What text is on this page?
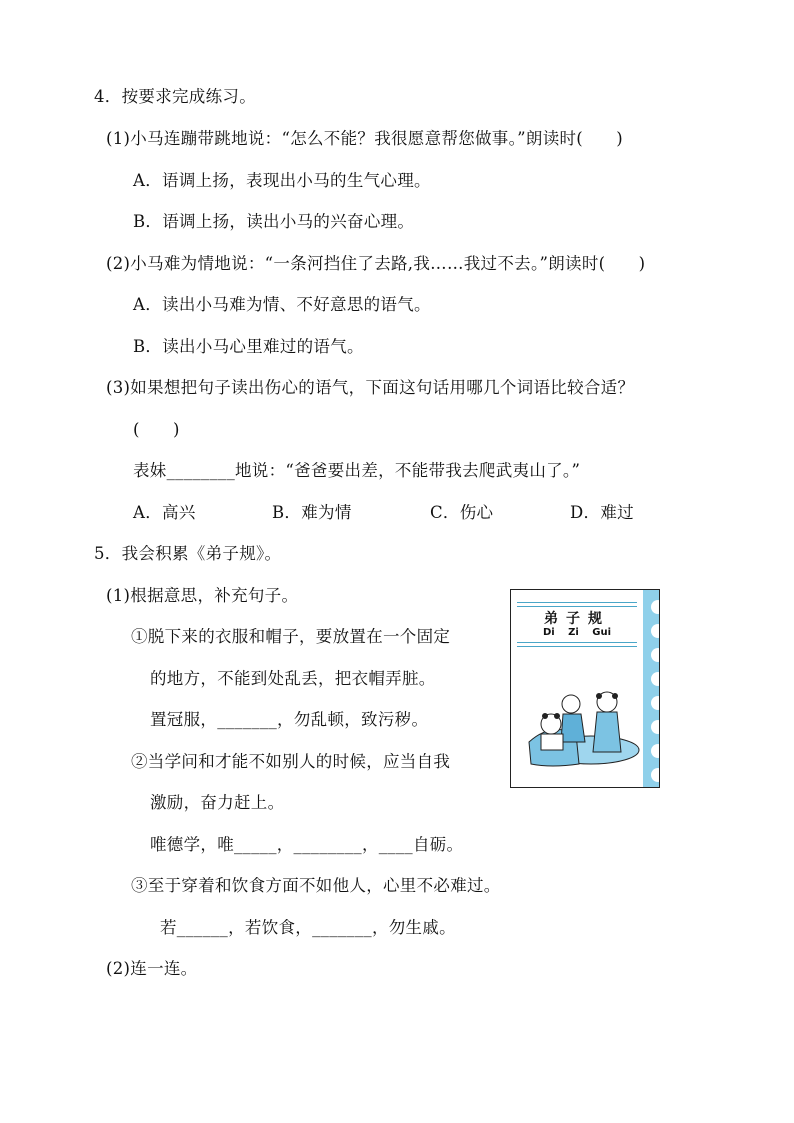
4．按要求完成练习。
(1)小马连蹦带跳地说：“怎么不能？我很愿意帮您做事。”朗读时(      )
A．语调上扬，表现出小马的生气心理。
B．语调上扬，读出小马的兴奋心理。
(2)小马难为情地说：“一条河挡住了去路,我……我过不去。”朗读时(      )
A．读出小马难为情、不好意思的语气。
B．读出小马心里难过的语气。
(3)如果想把句子读出伤心的语气，下面这句话用哪几个词语比较合适？
(      )
表妹________地说：“爸爸要出差，不能带我去爬武夷山了。”
A．高兴	B．难为情	C．伤心	D．难过
5．我会积累《弟子规》。
(1)根据意思，补充句子。
①脱下来的衣服和帽子，要放置在一个固定
的地方，不能到处乱丢，把衣帽弄脏。
置冠服，_______，勿乱顿，致污秽。
②当学问和才能不如别人的时候，应当自我
激励，奋力赶上。
唯德学，唯_____，________，____自砺。
③至于穿着和饮食方面不如他人，心里不必难过。
若______，若饮食，_______，勿生戚。
(2)连一连。
弟子规
Di Zi Gui
